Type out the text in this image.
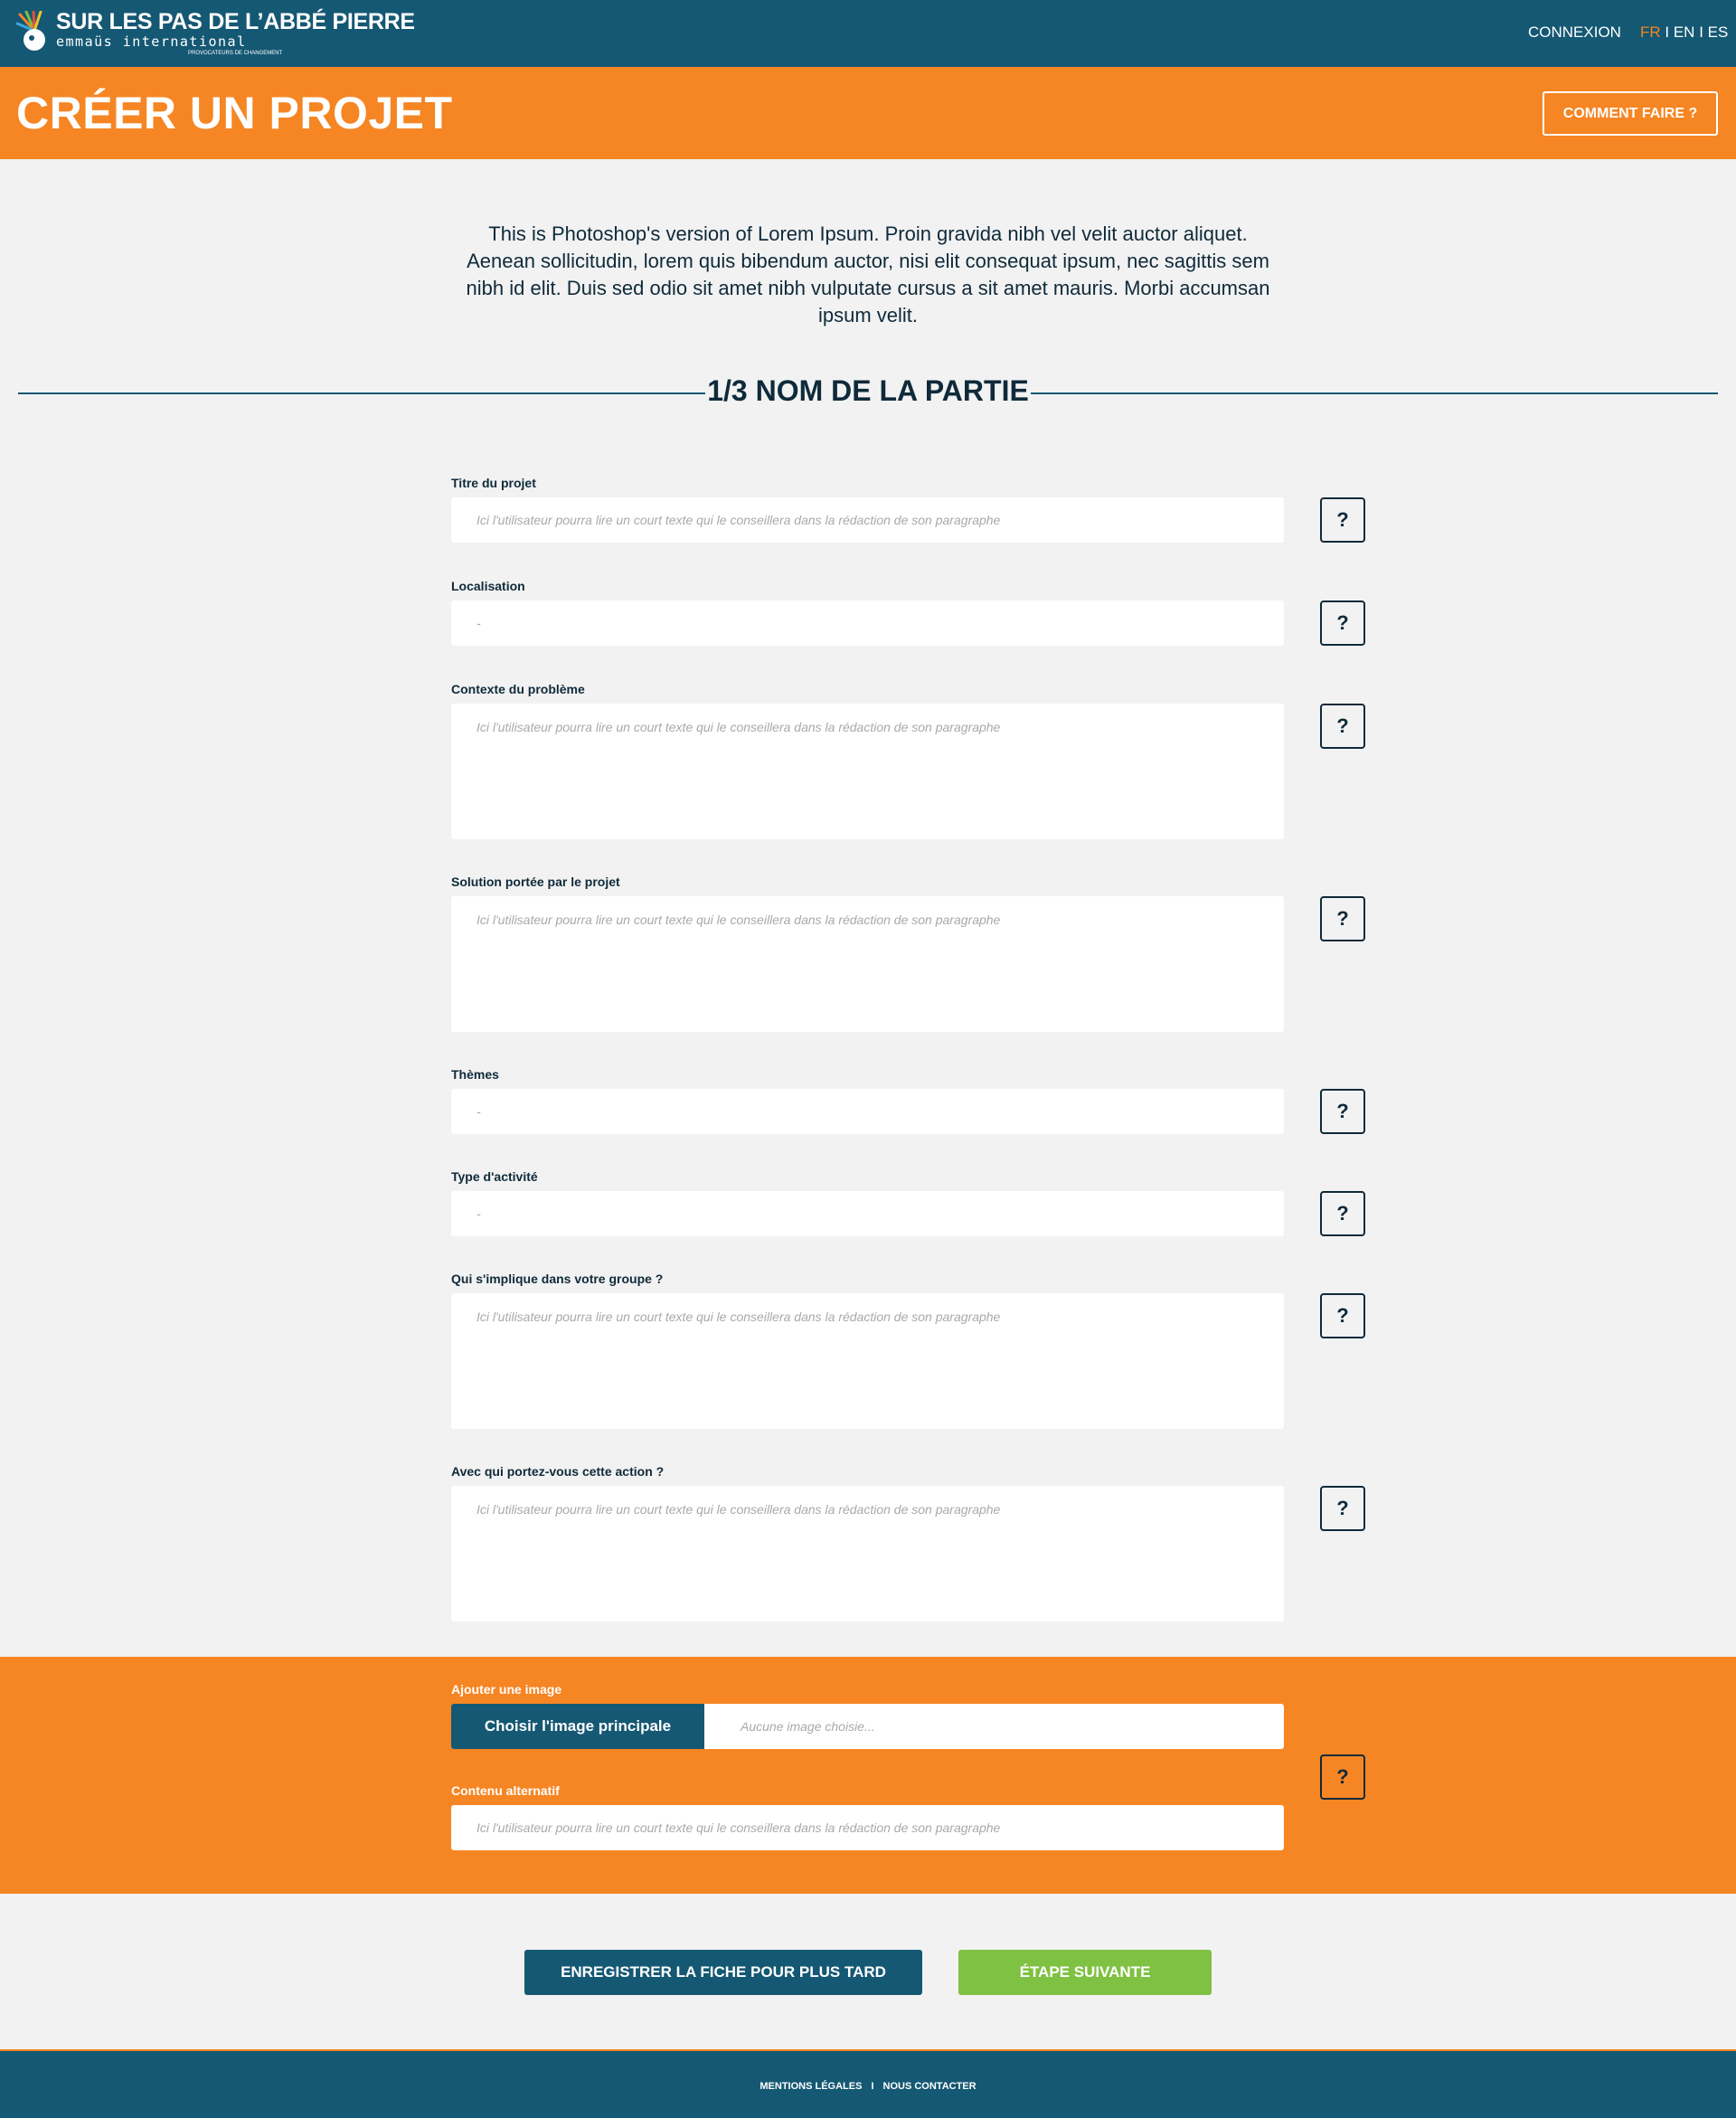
SUR LES PAS DE L’ABBÉ PIERRE
emmaüs international
PROVOCATEURS DE CHANGEMENT
CONNEXION FR I EN I ES
CRÉER UN PROJET	COMMENT FAIRE ?

This is Photoshop's version of Lorem Ipsum. Proin gravida nibh vel velit auctor aliquet. Aenean sollicitudin, lorem quis bibendum auctor, nisi elit consequat ipsum, nec sagittis sem nibh id elit. Duis sed odio sit amet nibh vulputate cursus a sit amet mauris. Morbi accumsan ipsum velit.

1/3 NOM DE LA PARTIE
Titre du projet
Ici l'utilisateur pourra lire un court texte qui le conseillera dans la rédaction de son paragraphe
?
Localisation
-
?
Contexte du problème
Ici l'utilisateur pourra lire un court texte qui le conseillera dans la rédaction de son paragraphe
?
Solution portée par le projet
Ici l'utilisateur pourra lire un court texte qui le conseillera dans la rédaction de son paragraphe
?
Thèmes
-
?
Type d'activité
-
?
Qui s'implique dans votre groupe ?
Ici l'utilisateur pourra lire un court texte qui le conseillera dans la rédaction de son paragraphe
?
Avec qui portez-vous cette action ?
Ici l'utilisateur pourra lire un court texte qui le conseillera dans la rédaction de son paragraphe
?
Ajouter une image
Choisir l'image principale	Aucune image choisie...
Contenu alternatif
Ici l'utilisateur pourra lire un court texte qui le conseillera dans la rédaction de son paragraphe
?
ENREGISTRER LA FICHE POUR PLUS TARD	ÉTAPE SUIVANTE
MENTIONS LÉGALES I NOUS CONTACTER
